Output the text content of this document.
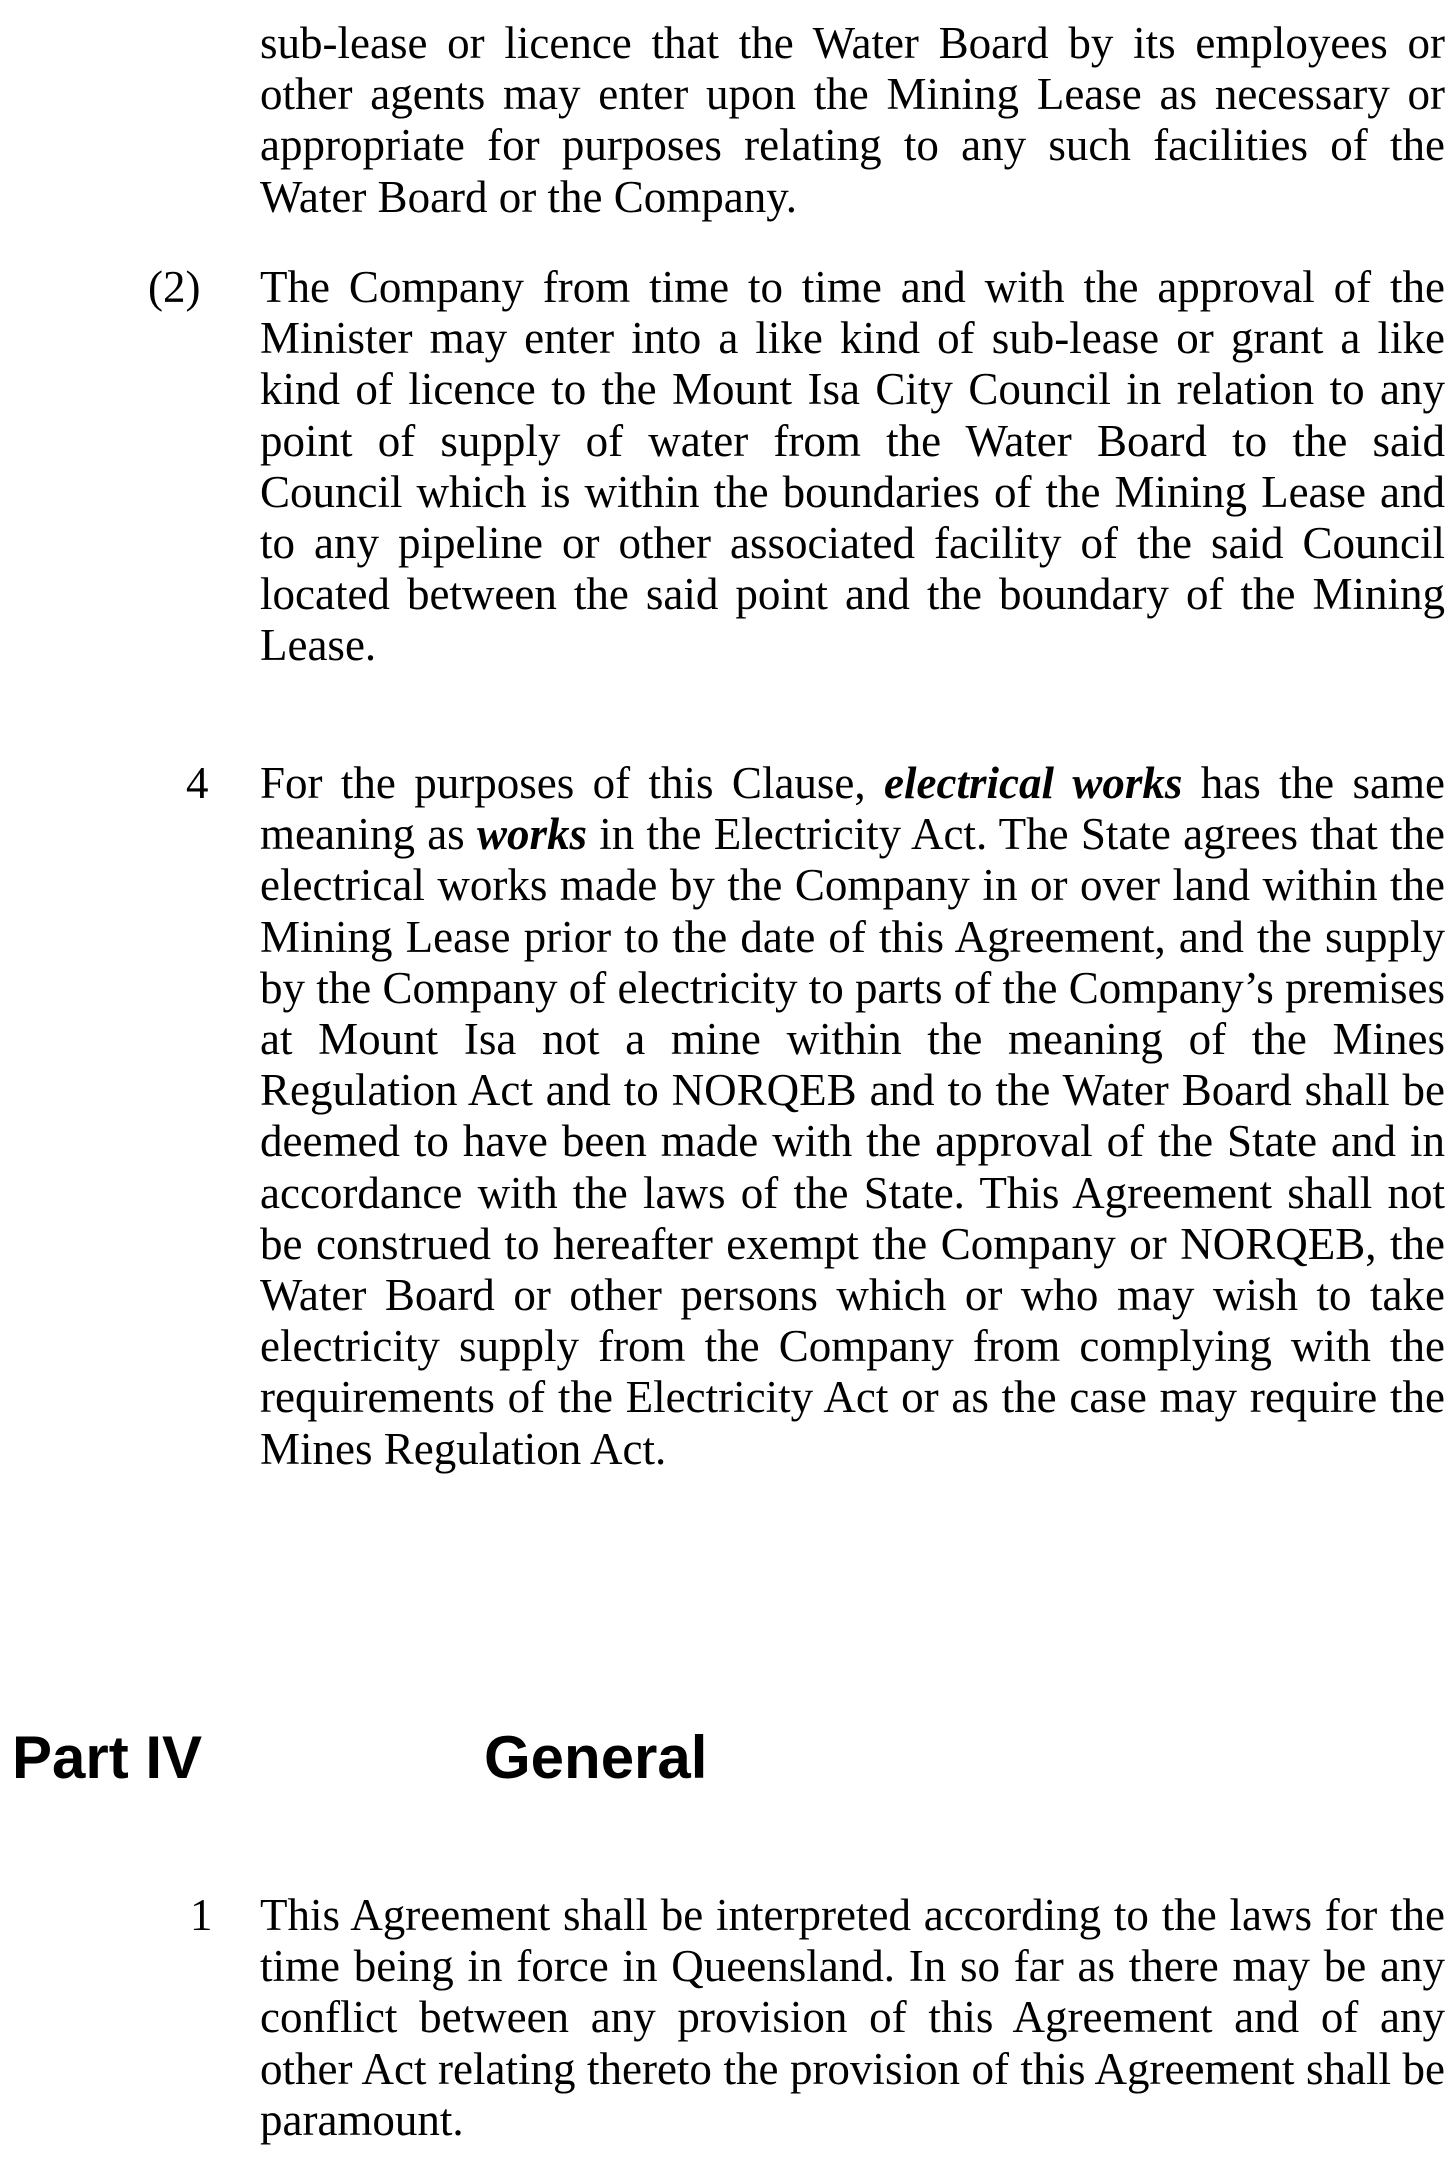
sub-lease or licence that the Water Board by its employees or other agents may enter upon the Mining Lease as necessary or appropriate for purposes relating to any such facilities of the Water Board or the Company.

(2) The Company from time to time and with the approval of the Minister may enter into a like kind of sub-lease or grant a like kind of licence to the Mount Isa City Council in relation to any point of supply of water from the Water Board to the said Council which is within the boundaries of the Mining Lease and to any pipeline or other associated facility of the said Council located between the said point and the boundary of the Mining Lease.

4 For the purposes of this Clause, electrical works has the same meaning as works in the Electricity Act. The State agrees that the electrical works made by the Company in or over land within the Mining Lease prior to the date of this Agreement, and the supply by the Company of electricity to parts of the Company’s premises at Mount Isa not a mine within the meaning of the Mines Regulation Act and to NORQEB and to the Water Board shall be deemed to have been made with the approval of the State and in accordance with the laws of the State. This Agreement shall not be construed to hereafter exempt the Company or NORQEB, the Water Board or other persons which or who may wish to take electricity supply from the Company from complying with the requirements of the Electricity Act or as the case may require the Mines Regulation Act.

Part IV	General
1 This Agreement shall be interpreted according to the laws for the time being in force in Queensland. In so far as there may be any conflict between any provision of this Agreement and of any other Act relating thereto the provision of this Agreement shall be paramount.
